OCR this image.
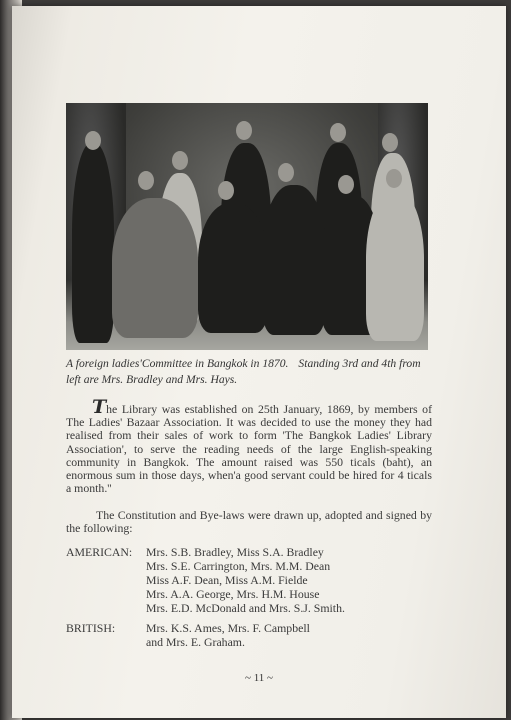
~ 11 ~
A foreign ladies'Committee in Bangkok in 1870. Standing 3rd and 4th from
left are Mrs. Bradley and Mrs. Hays.
The Library was established on 25th January, 1869, by members of The Ladies' Bazaar Association. It was decided to use the money they had realised from their sales of work to form 'The Bangkok Ladies' Library Association', to serve the reading needs of the large English-speaking community in Bangkok. The amount raised was 550 ticals (baht), an enormous sum in those days, when'a good servant could be hired for 4 ticals a month.''
The Constitution and Bye-laws were drawn up, adopted and signed by the following:
AMERICAN:	Mrs. S.B. Bradley, Miss S.A. Bradley
Mrs. S.E. Carrington, Mrs. M.M. Dean
Miss A.F. Dean, Miss A.M. Fielde
Mrs. A.A. George, Mrs. H.M. House
Mrs. E.D. McDonald and Mrs. S.J. Smith.
BRITISH:	Mrs. K.S. Ames, Mrs. F. Campbell
and Mrs. E. Graham.
